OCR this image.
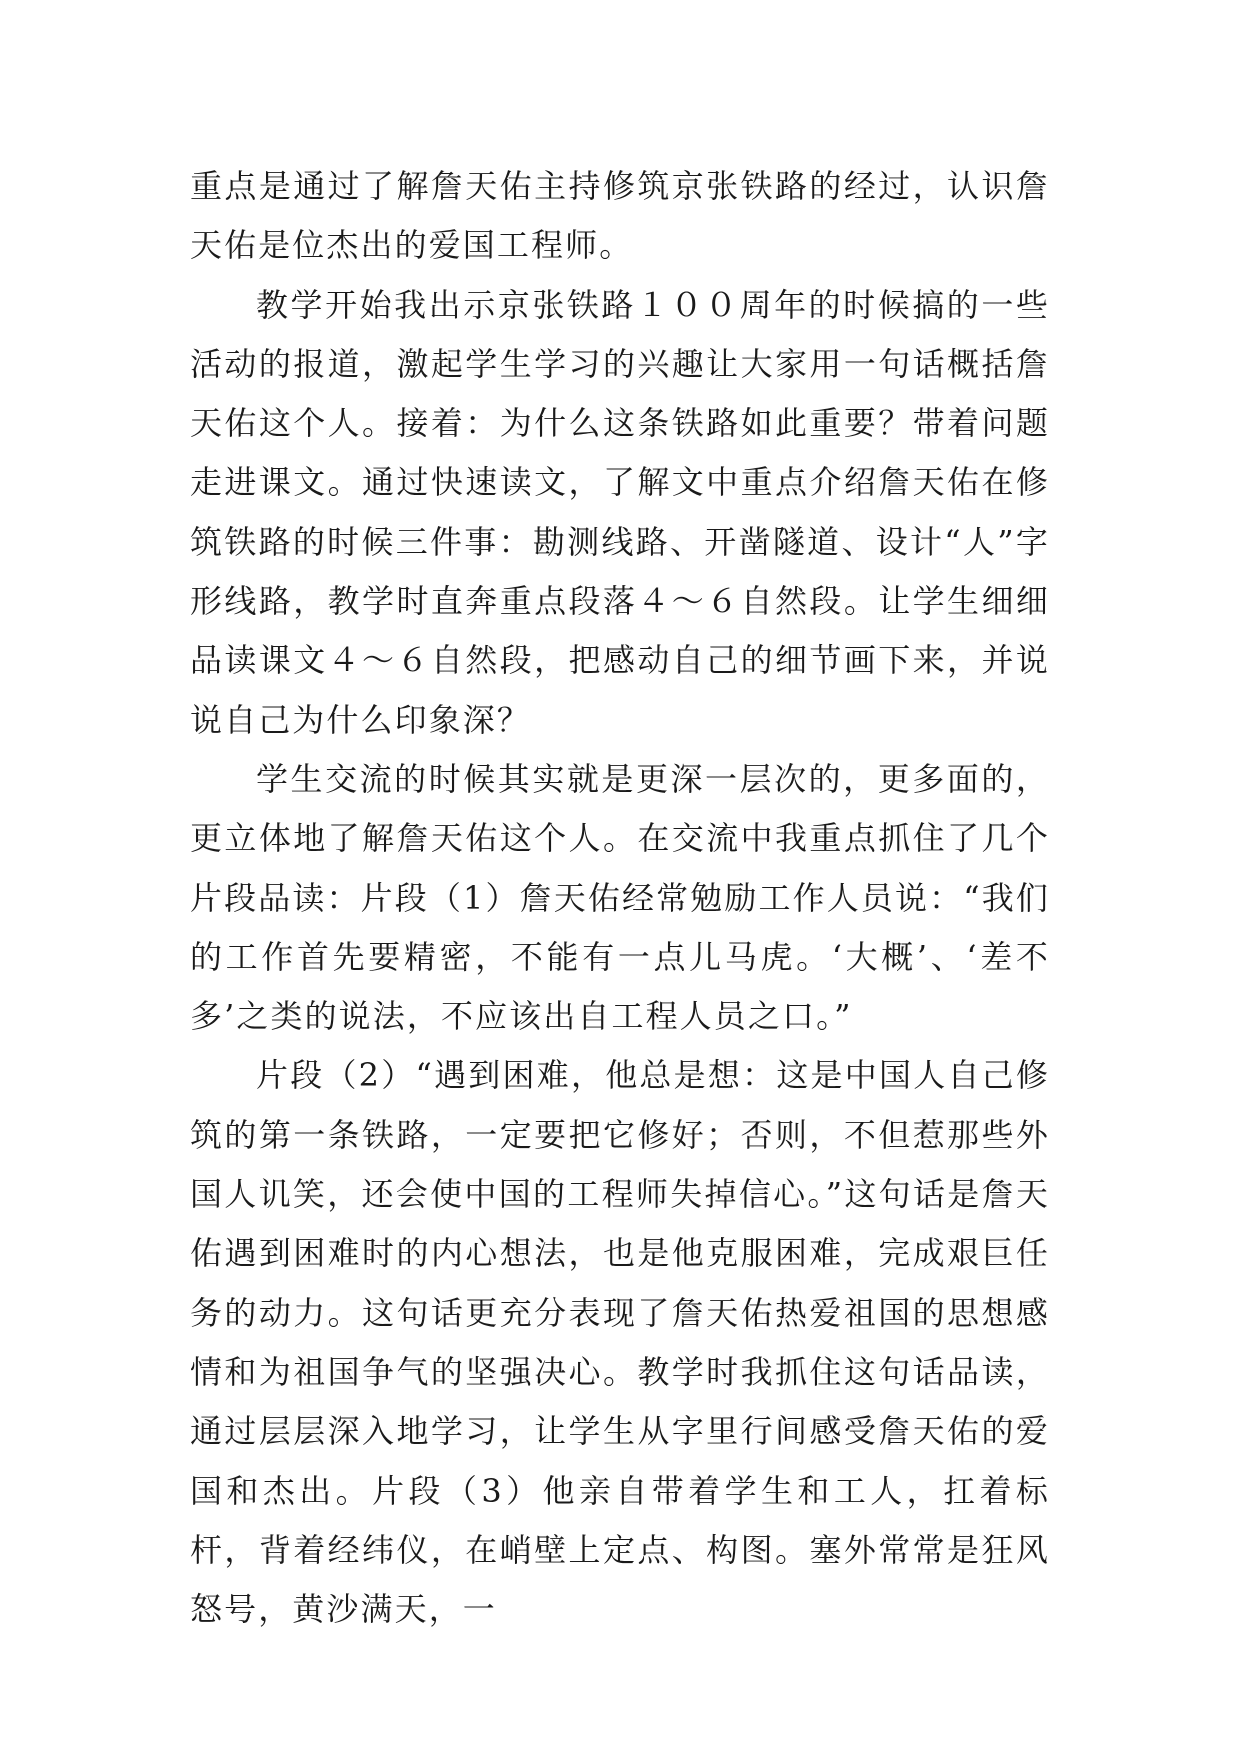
重点是通过了解詹天佑主持修筑京张铁路的经过，认识詹天佑是位杰出的爱国工程师。

教学开始我出示京张铁路１００周年的时候搞的一些活动的报道，激起学生学习的兴趣让大家用一句话概括詹天佑这个人。接着：为什么这条铁路如此重要？带着问题走进课文。通过快速读文，了解文中重点介绍詹天佑在修筑铁路的时候三件事：勘测线路、开凿隧道、设计“人”字形线路，教学时直奔重点段落４～６自然段。让学生细细品读课文４～６自然段，把感动自己的细节画下来，并说说自己为什么印象深？

学生交流的时候其实就是更深一层次的，更多面的，更立体地了解詹天佑这个人。在交流中我重点抓住了几个片段品读：片段（1）詹天佑经常勉励工作人员说：“我们的工作首先要精密，不能有一点儿马虎。‘大概’、‘差不多’之类的说法，不应该出自工程人员之口。”

片段（2）“遇到困难，他总是想：这是中国人自己修筑的第一条铁路，一定要把它修好；否则，不但惹那些外国人讥笑，还会使中国的工程师失掉信心。”这句话是詹天佑遇到困难时的内心想法，也是他克服困难，完成艰巨任务的动力。这句话更充分表现了詹天佑热爱祖国的思想感情和为祖国争气的坚强决心。教学时我抓住这句话品读，通过层层深入地学习，让学生从字里行间感受詹天佑的爱国和杰出。片段（3）他亲自带着学生和工人，扛着标杆，背着经纬仪，在峭壁上定点、构图。塞外常常是狂风怒号，黄沙满天，一
